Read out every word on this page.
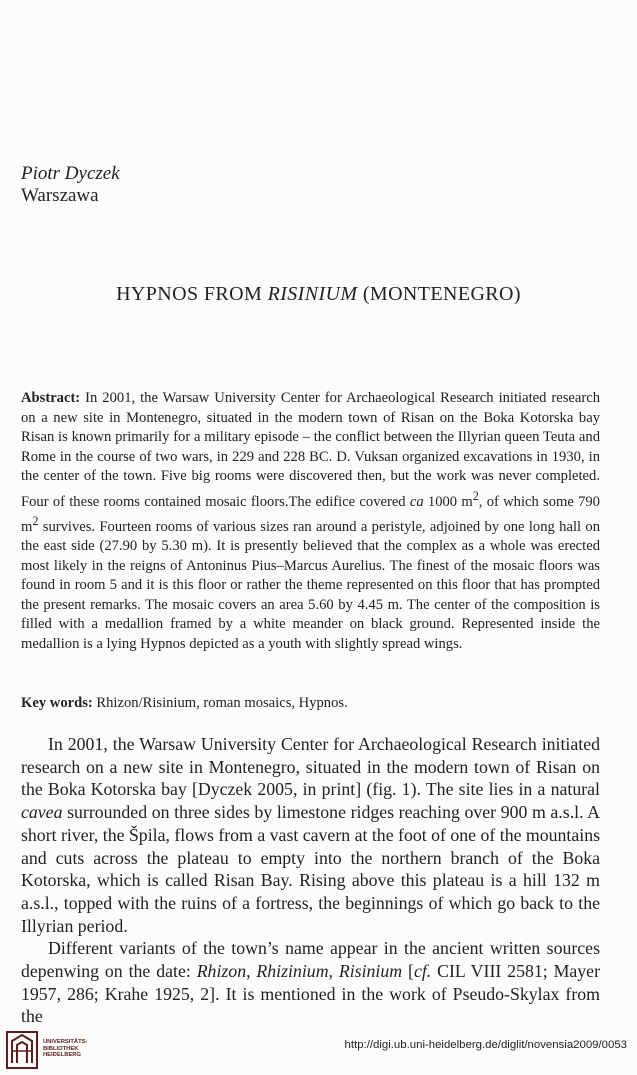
Piotr Dyczek
Warszawa
HYPNOS FROM RISINIUM (MONTENEGRO)
Abstract: In 2001, the Warsaw University Center for Archaeological Research initiated research on a new site in Montenegro, situated in the modern town of Risan on the Boka Kotorska bay Risan is known primarily for a military episode – the conflict between the Illyrian queen Teuta and Rome in the course of two wars, in 229 and 228 BC. D. Vuksan organized excavations in 1930, in the center of the town. Five big rooms were discovered then, but the work was never completed. Four of these rooms contained mosaic floors.The edifice covered ca 1000 $m^2$, of which some 790 $m^2$ survives. Fourteen rooms of various sizes ran around a peristyle, adjoined by one long hall on the east side (27.90 by 5.30 m). It is presently believed that the complex as a whole was erected most likely in the reigns of Antoninus Pius–Marcus Aurelius. The finest of the mosaic floors was found in room 5 and it is this floor or rather the theme represented on this floor that has prompted the present remarks. The mosaic covers an area 5.60 by 4.45 m. The center of the composition is filled with a medallion framed by a white meander on black ground. Represented inside the medallion is a lying Hypnos depicted as a youth with slightly spread wings.
Key words: Rhizon/Risinium, roman mosaics, Hypnos.

In 2001, the Warsaw University Center for Archaeological Research initiated research on a new site in Montenegro, situated in the modern town of Risan on the Boka Kotorska bay [Dyczek 2005, in print] (fig. 1). The site lies in a natural cavea surrounded on three sides by limestone ridges reaching over 900 m a.s.l. A short river, the Špila, flows from a vast cavern at the foot of one of the mountains and cuts across the plateau to empty into the northern branch of the Boka Kotorska, which is called Risan Bay. Rising above this plateau is a hill 132 m a.s.l., topped with the ruins of a fortress, the beginnings of which go back to the Illyrian period.

Different variants of the town’s name appear in the ancient written sources depenwing on the date: Rhizon, Rhizinium, Risinium [cf. CIL VIII 2581; Mayer 1957, 286; Krahe 1925, 2]. It is mentioned in the work of Pseudo-Skylax from the

UNIVERSITÄTS-
BIBLIOTHEK
HEIDELBERG
http://digi.ub.uni-heidelberg.de/diglit/novensia2009/0053
